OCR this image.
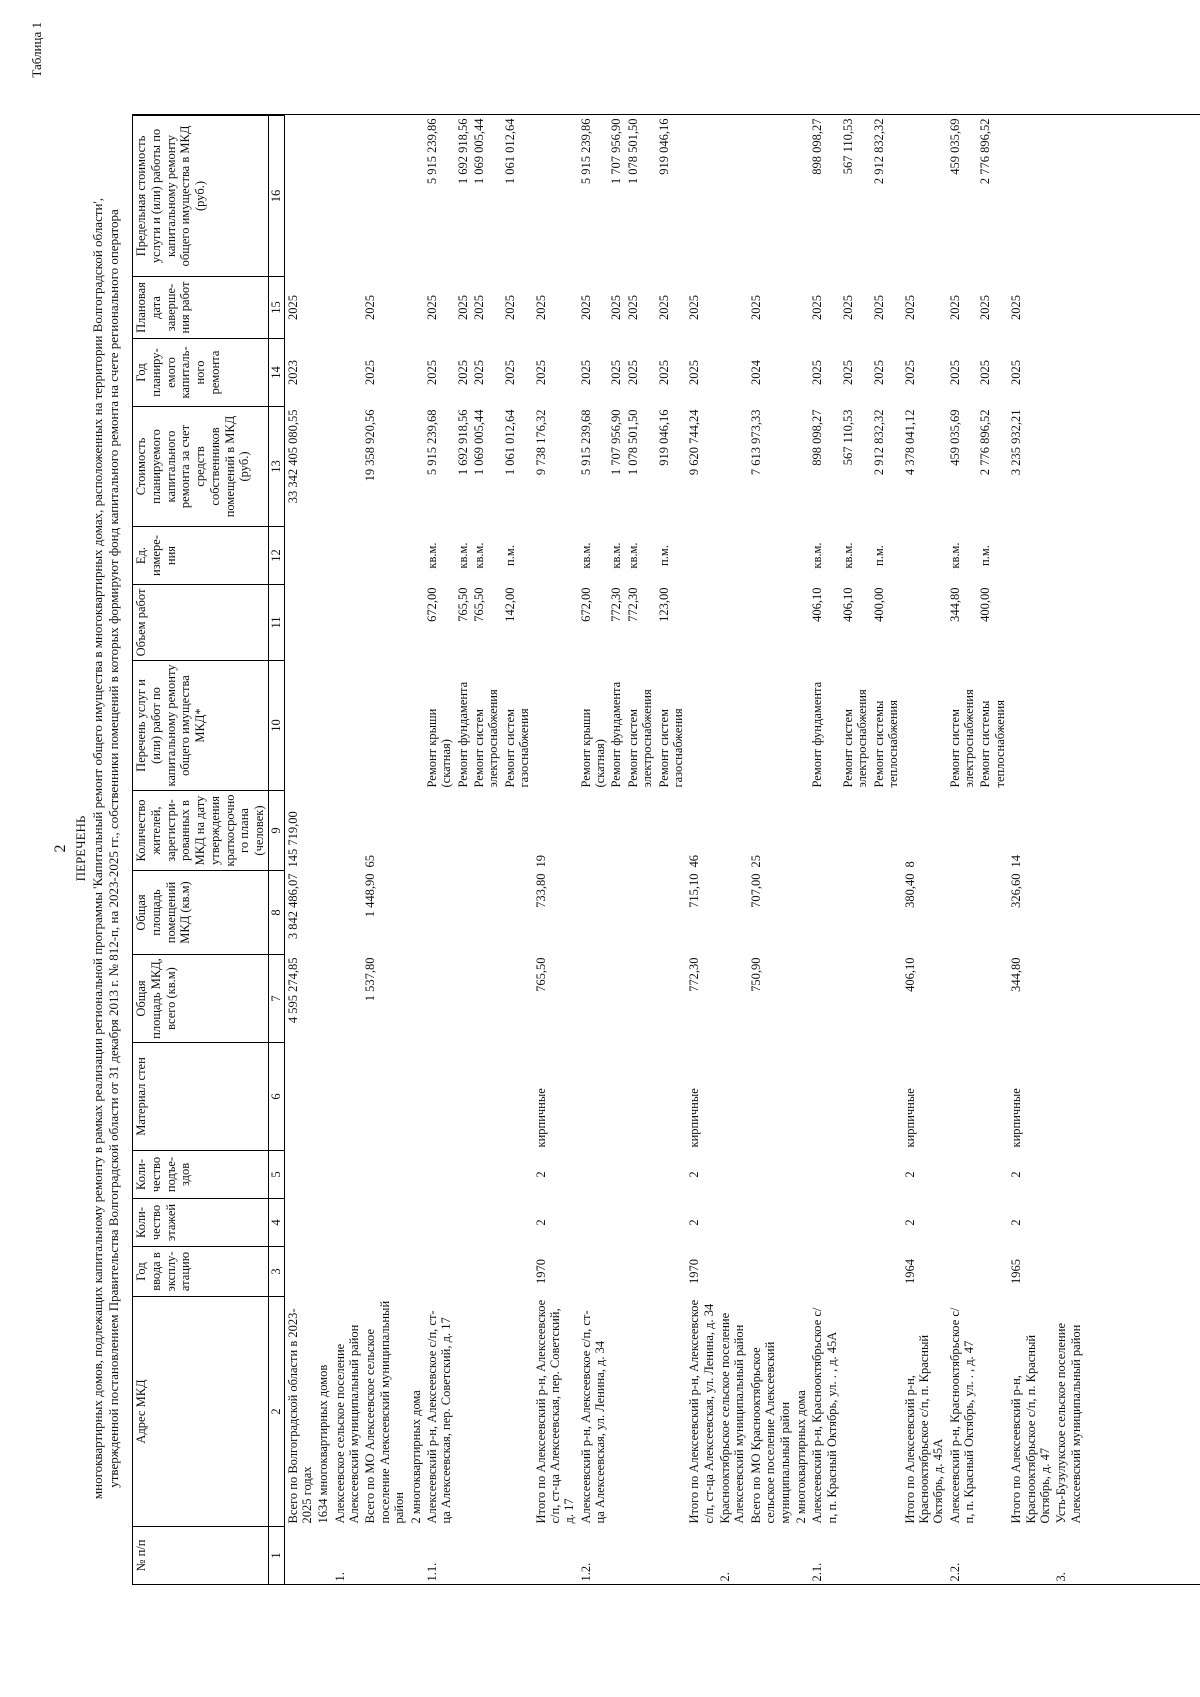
Таблица 1
2 ПЕРЕЧЕНЬ многоквартирных домов, подлежащих капитальному ремонту в рамках реализации региональной программы 'Капитальный ремонт общего имущества в многоквартирных домах, расположенных на территории Волгоградской области', утвержденной постановлением Правительства Волгоградской области от 31 декабря 2013 г. № 812-п, на 2023-2025 гг., собственники помещений в которых формируют фонд капитального ремонта на счете регионального оператора
№ п/п	Адрес МКД	Год ввода в эксплу-атацию	Коли-чество этажей	Коли-чество подъе-здов	Материал стен	Общая площадь МКД, всего (кв.м)	Общая площадь помещений МКД (кв.м)	Количество жителей, зарегистри-рованных в МКД на дату утверждения краткосрочно го плана (человек)	Перечень услуг и (или) работ по капитальному ремонту общего имущества МКД*	Объем работ	Ед. измере-ния	Стоимость планируемого капитального ремонта за счет средств собственников помещений в МКД (руб.)	Год планиру-емого капиталь-ного ремонта	Плановая дата заверше-ния работ	Предельная стоимость услуги и (или) работы по капитальному ремонту общего имущества в МКД (руб.)
1	2	3	4	5	6	7	8	9	10	11	12	13	14	15	16
	Всего по Волгоградской области в 2023-2025 годах					4 595 274,85	3 842 486,07	145 719,00				33 342 405 080,55	2023	2025	
	1634 многоквартирных домов														
1.	Алексеевское сельское поселение Алексеевский муниципальный район														
	Всего по МО Алексеевское сельское поселение Алексеевский муниципальный район					1 537,80	1 448,90	65				19 358 920,56	2025	2025	
	2 многоквартирных дома														
1.1.	Алексеевский р-н, Алексеевское с/п, ст-ца Алексеевская, пер. Советский, д. 17								Ремонт крыши (скатная)	672,00	кв.м.	5 915 239,68	2025	2025	5 915 239,86
									Ремонт фундамента	765,50	кв.м.	1 692 918,56	2025	2025	1 692 918,56
									Ремонт систем электроснабжения	765,50	кв.м.	1 069 005,44	2025	2025	1 069 005,44
									Ремонт систем газоснабжения	142,00	п.м.	1 061 012,64	2025	2025	1 061 012,64
	Итого по Алексеевский р-н, Алексеевское с/п, ст-ца Алексеевская, пер. Советский, д. 17	1970	2	2	кирпичные	765,50	733,80	19				9 738 176,32	2025	2025	
1.2.	Алексеевский р-н, Алексеевское с/п, ст-ца Алексеевская, ул. Ленина, д. 34								Ремонт крыши (скатная)	672,00	кв.м.	5 915 239,68	2025	2025	5 915 239,86
									Ремонт фундамента	772,30	кв.м.	1 707 956,90	2025	2025	1 707 956,90
									Ремонт систем электроснабжения	772,30	кв.м.	1 078 501,50	2025	2025	1 078 501,50
									Ремонт систем газоснабжения	123,00	п.м.	919 046,16	2025	2025	919 046,16
	Итого по Алексеевский р-н, Алексеевское с/п, ст-ца Алексеевская, ул. Ленина, д. 34	1970	2	2	кирпичные	772,30	715,10	46				9 620 744,24	2025	2025	
2.	Краснооктябрьское сельское поселение Алексеевский муниципальный район														
	Всего по МО Краснооктябрьское сельское поселение Алексеевский муниципальный район					750,90	707,00	25				7 613 973,33	2024	2025	
	2 многоквартирных дома														
2.1.	Алексеевский р-н, Краснооктябрьское с/п, п. Красный Октябрь, ул. . , д. 45А								Ремонт фундамента	406,10	кв.м.	898 098,27	2025	2025	898 098,27
									Ремонт систем электроснабжения	406,10	кв.м.	567 110,53	2025	2025	567 110,53
									Ремонт системы теплоснабжения	400,00	п.м.	2 912 832,32	2025	2025	2 912 832,32
	Итого по Алексеевский р-н, Краснооктябрьское с/п, п. Красный Октябрь, д. 45А	1964	2	2	кирпичные	406,10	380,40	8				4 378 041,12	2025	2025	
2.2.	Алексеевский р-н, Краснооктябрьское с/п, п. Красный Октябрь, ул. . , д. 47								Ремонт систем электроснабжения	344,80	кв.м.	459 035,69	2025	2025	459 035,69
									Ремонт системы теплоснабжения	400,00	п.м.	2 776 896,52	2025	2025	2 776 896,52
	Итого по Алексеевский р-н, Краснооктябрьское с/п, п. Красный Октябрь, д. 47	1965	2	2	кирпичные	344,80	326,60	14				3 235 932,21	2025	2025	
3.	Усть-Бузулукское сельское поселение Алексеевский муниципальный район														
